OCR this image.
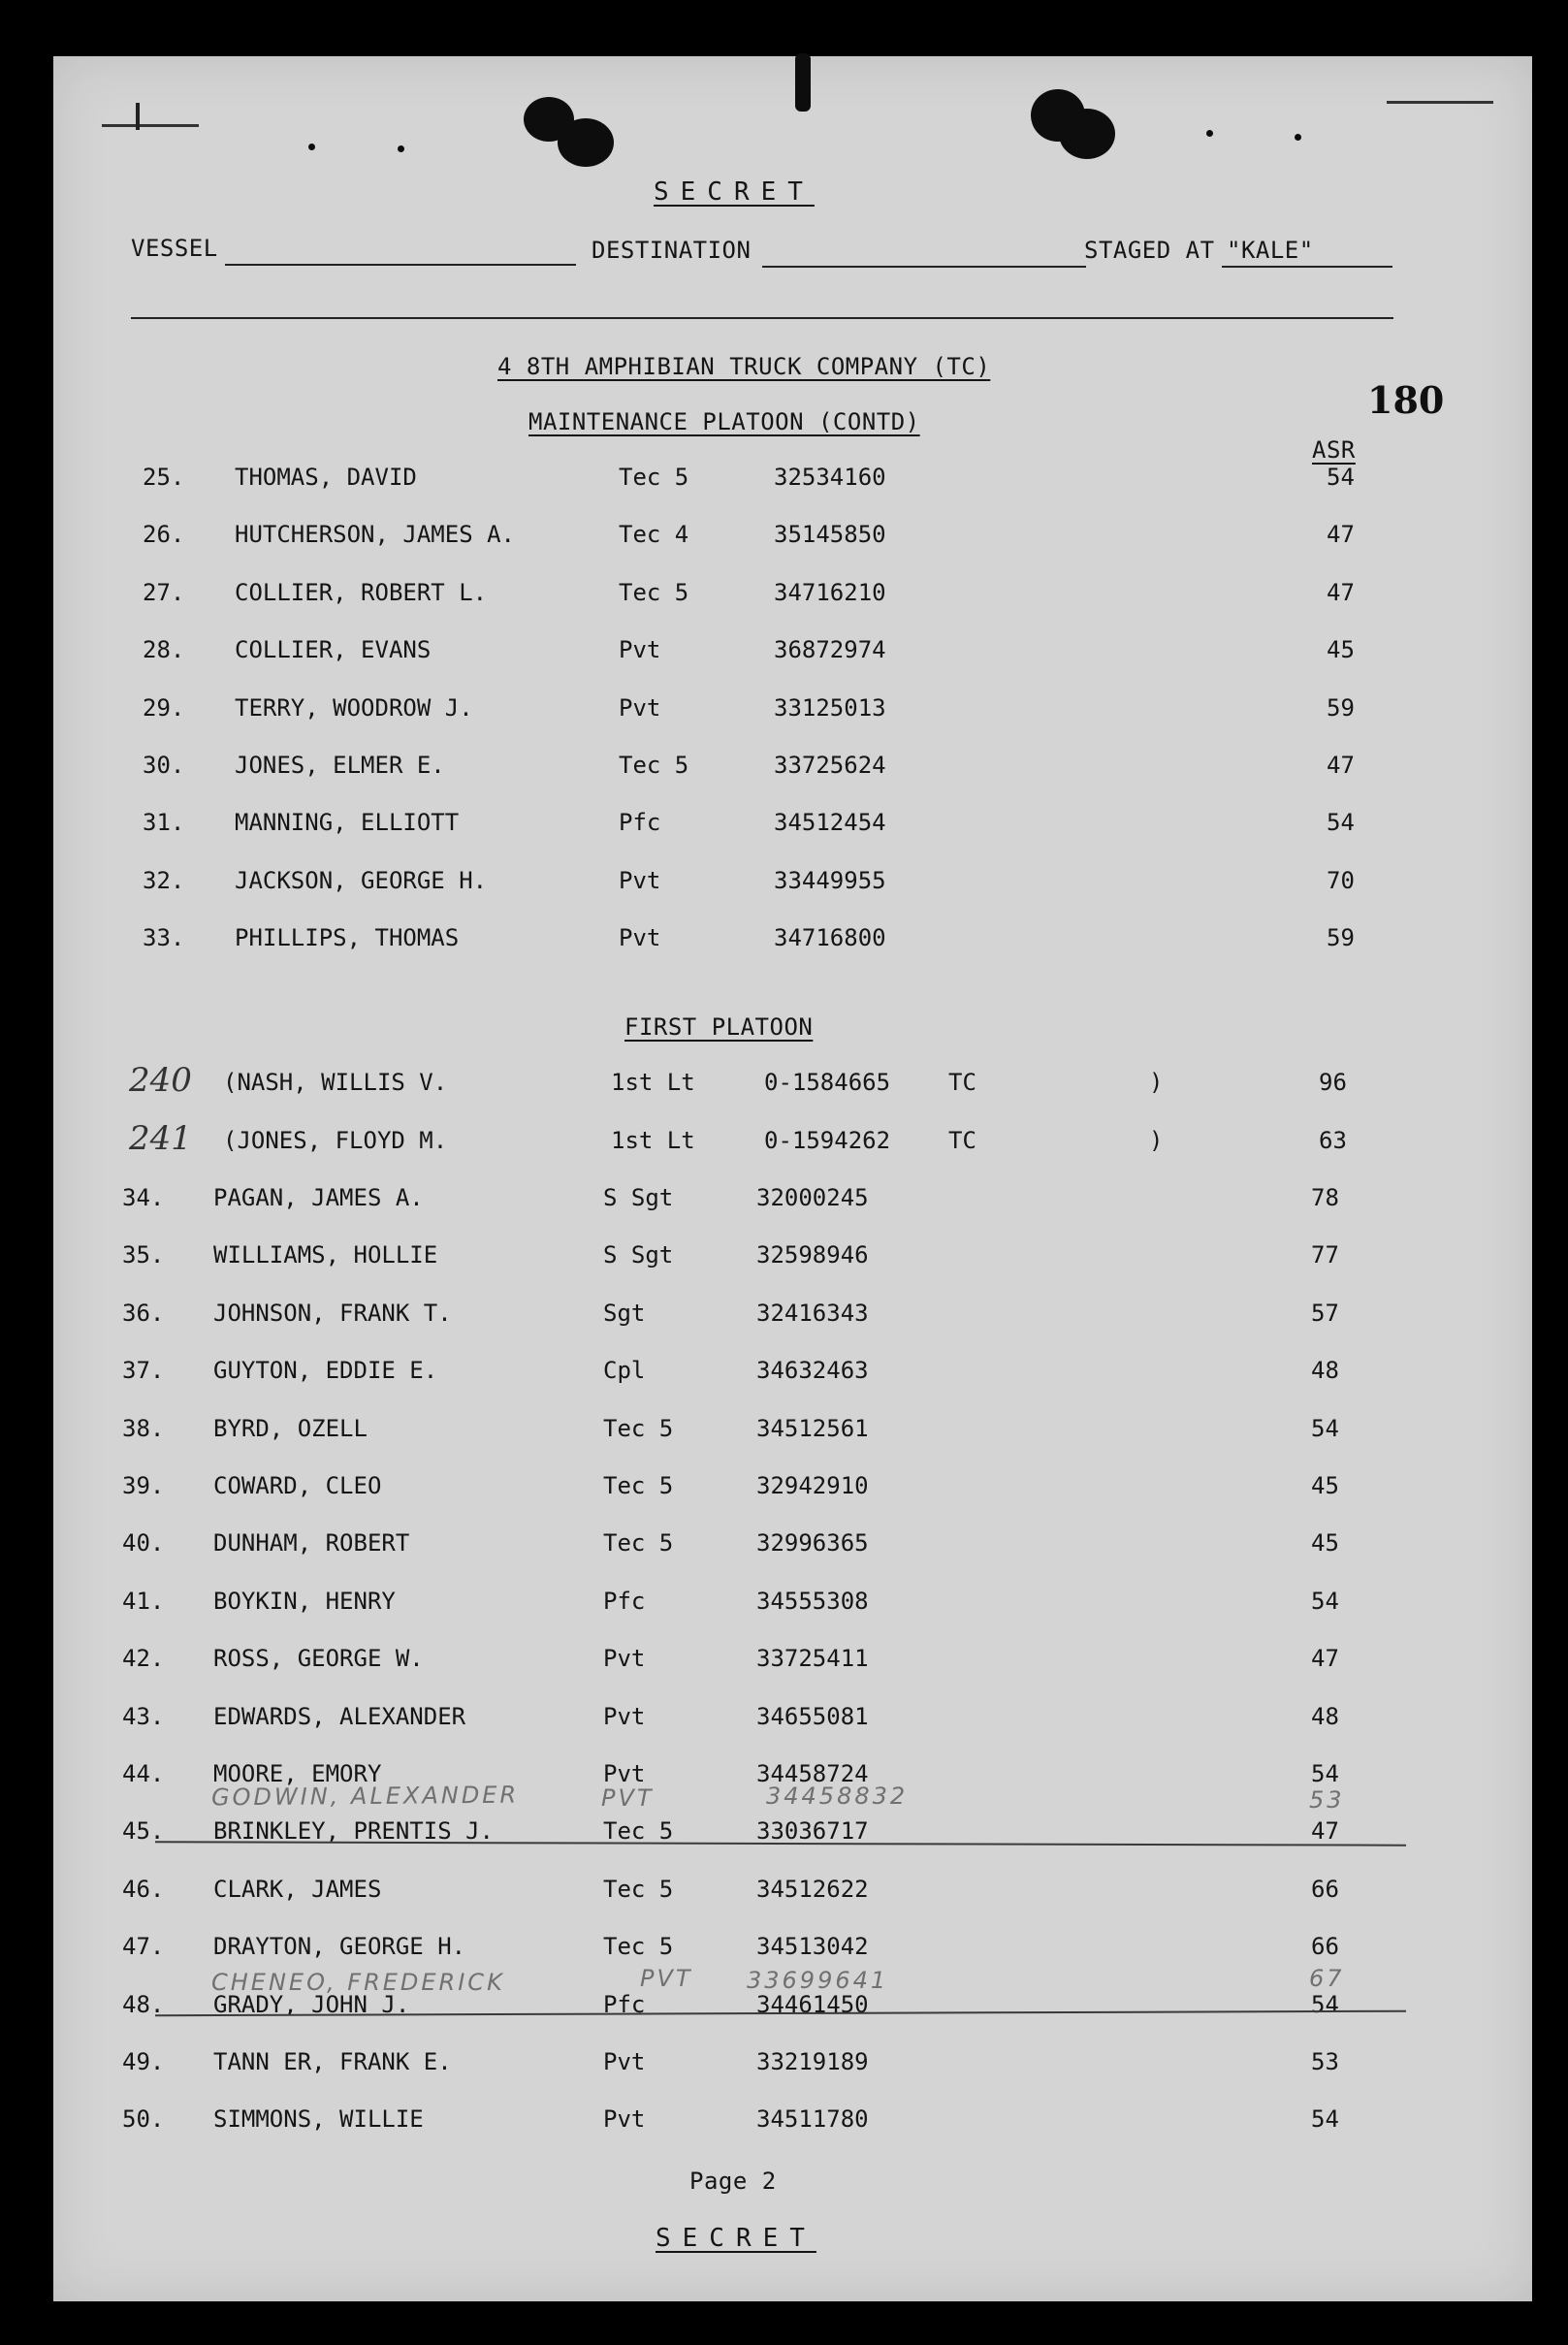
SECRET
VESSEL	DESTINATION	STAGED AT "KALE"
4 8TH AMPHIBIAN TRUCK COMPANY (TC)
MAINTENANCE PLATOON (CONTD)	180
ASR
25. THOMAS, DAVID	Tec 5	32534160	54
26. HUTCHERSON, JAMES A.	Tec 4	35145850	47
27. COLLIER, ROBERT L.	Tec 5	34716210	47
28. COLLIER, EVANS	Pvt	36872974	45
29. TERRY, WOODROW J.	Pvt	33125013	59
30. JONES, ELMER E.	Tec 5	33725624	47
31. MANNING, ELLIOTT	Pfc	34512454	54
32. JACKSON, GEORGE H.	Pvt	33449955	70
33. PHILLIPS, THOMAS	Pvt	34716800	59
FIRST PLATOON
240 (NASH, WILLIS V.	1st Lt	0-1584665 TC	)	96
241 (JONES, FLOYD M.	1st Lt	0-1594262 TC	)	63
34. PAGAN, JAMES A.	S Sgt	32000245	78
35. WILLIAMS, HOLLIE	S Sgt	32598946	77
36. JOHNSON, FRANK T.	Sgt	32416343	57
37. GUYTON, EDDIE E.	Cpl	34632463	48
38. BYRD, OZELL	Tec 5	34512561	54
39. COWARD, CLEO	Tec 5	32942910	45
40. DUNHAM, ROBERT	Tec 5	32996365	45
41. BOYKIN, HENRY	Pfc	34555308	54
42. ROSS, GEORGE W.	Pvt	33725411	47
43. EDWARDS, ALEXANDER	Pvt	34655081	48
44. MOORE, EMORY	Pvt	34458724	54
45. BRINKLEY, PRENTIS J.	Tec 5	33036717	47
46. CLARK, JAMES	Tec 5	34512622	66
47. DRAYTON, GEORGE H.	Tec 5	34513042	66
48. GRADY, JOHN J.	Pfc	34461450	54
49. TANN ER, FRANK E.	Pvt	33219189	53
50. SIMMONS, WILLIE	Pvt	34511780	54
GODWIN, ALEXANDER	PVT	34458832	53
CHENEO, FREDERICK	PVT 33699641	67
Page 2
SECRET
